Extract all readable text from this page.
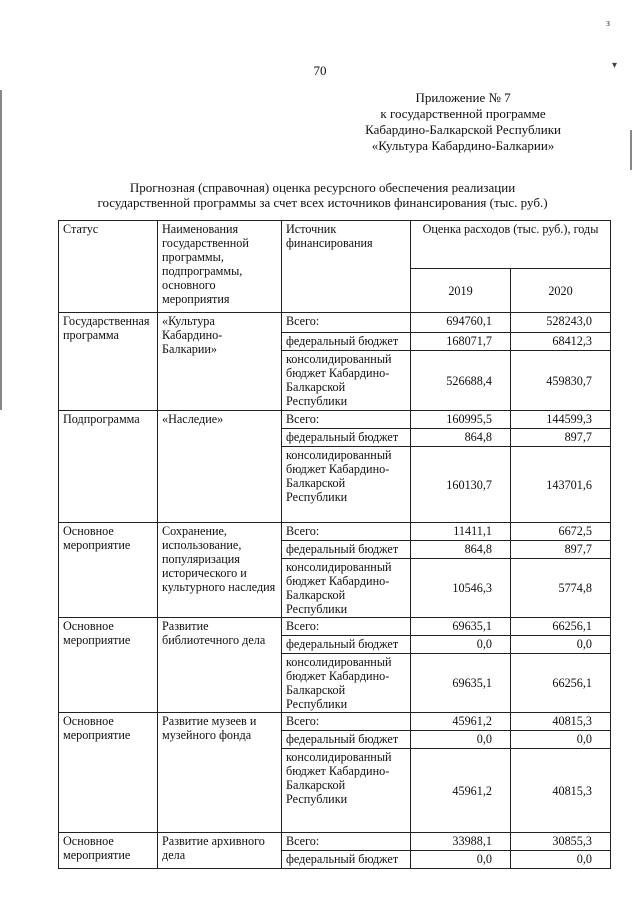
70
з
▾
Приложение № 7
к государственной программе
Кабардино-Балкарской Республики
«Культура Кабардино-Балкарии»
Прогнозная (справочная) оценка ресурсного обеспечения реализации
государственной программы за счет всех источников финансирования (тыс. руб.)
Статус	Наименования государственной программы, подпрограммы, основного мероприятия	Источник финансирования	Оценка расходов (тыс. руб.), годы	
			2019	2020
Государственная программа	«Культура Кабардино-Балкарии»	Всего:	694760,1	528243,0
		федеральный бюджет	168071,7	68412,3
		консолидированный бюджет Кабардино-Балкарской Республики	526688,4	459830,7
Подпрограмма	«Наследие»	Всего:	160995,5	144599,3
		федеральный бюджет	864,8	897,7
		консолидированный бюджет Кабардино-Балкарской Республики	160130,7	143701,6
Основное мероприятие	Сохранение, использование, популяризация исторического и культурного наследия	Всего:	11411,1	6672,5
		федеральный бюджет	864,8	897,7
		консолидированный бюджет Кабардино-Балкарской Республики	10546,3	5774,8
Основное мероприятие	Развитие библиотечного дела	Всего:	69635,1	66256,1
		федеральный бюджет	0,0	0,0
		консолидированный бюджет Кабардино-Балкарской Республики	69635,1	66256,1
Основное мероприятие	Развитие музеев и музейного фонда	Всего:	45961,2	40815,3
		федеральный бюджет	0,0	0,0
		консолидированный бюджет Кабардино-Балкарской Республики	45961,2	40815,3
Основное мероприятие	Развитие архивного дела	Всего:	33988,1	30855,3
		федеральный бюджет	0,0	0,0
